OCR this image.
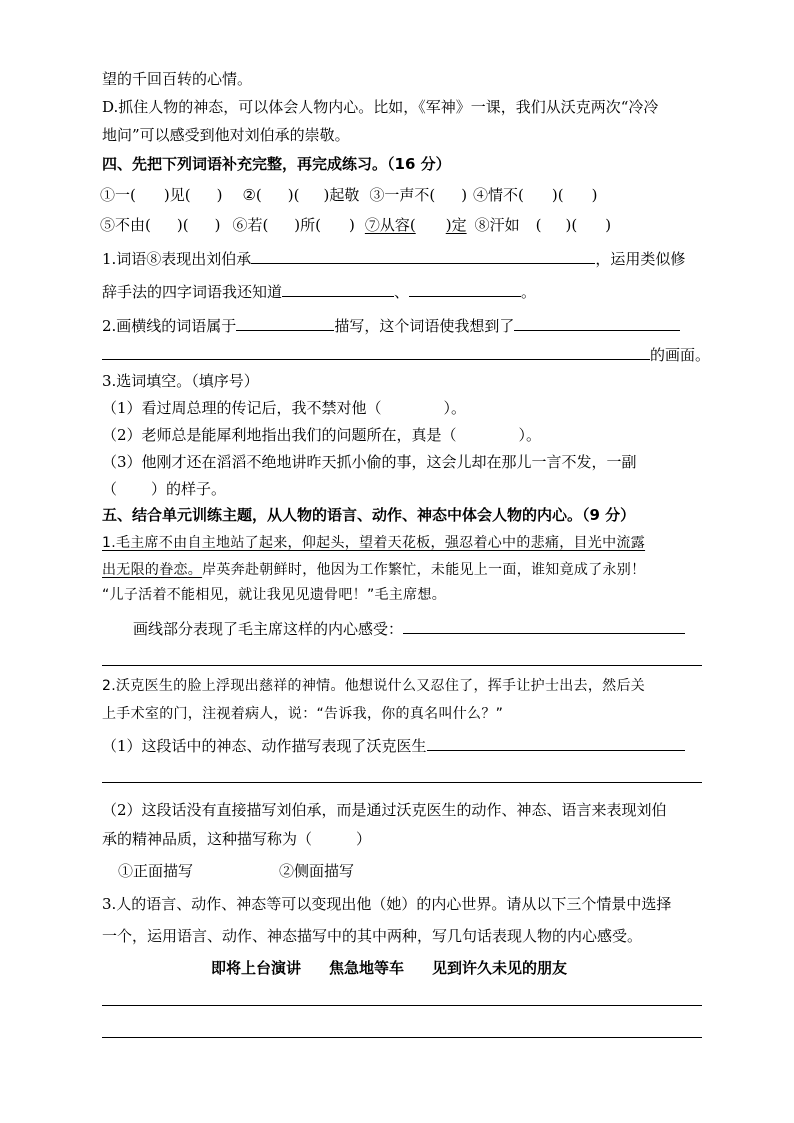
望的千回百转的心情。
D.抓住人物的神态，可以体会人物内心。比如，《军神》一课，我们从沃克两次“冷冷
地问”可以感受到他对刘伯承的崇敬。
四、先把下列词语补充完整，再完成练习。（16 分）
①一( )见( ) ②( )( )起敬 ③一声不( ) ④情不( )( )
⑤不由( )( ) ⑥若( )所( ) ⑦从容( )定 ⑧汗如 ( )( )
1.词语⑧表现出刘伯承	，运用类似修
辞手法的四字词语我还知道	、	。
2.画横线的词语属于	描写，这个词语使我想到了
的画面。
3.选词填空。（填序号）
（1）看过周总理的传记后，我不禁对他（	）。
（2）老师总是能犀利地指出我们的问题所在，真是（	）。
（3）他刚才还在滔滔不绝地讲昨天抓小偷的事，这会儿却在那儿一言不发，一副
（ ）的样子。
五、结合单元训练主题，从人物的语言、动作、神态中体会人物的内心。（9 分）
1.毛主席不由自主地站了起来，仰起头，望着天花板，强忍着心中的悲痛，目光中流露
出无限的眷恋。岸英奔赴朝鲜时，他因为工作繁忙，未能见上一面，谁知竟成了永别！
“儿子活着不能相见，就让我见见遗骨吧！”毛主席想。
画线部分表现了毛主席这样的内心感受：
2.沃克医生的脸上浮现出慈祥的神情。他想说什么又忍住了，挥手让护士出去，然后关
上手术室的门，注视着病人，说：“告诉我，你的真名叫什么？”
（1）这段话中的神态、动作描写表现了沃克医生
（2）这段话没有直接描写刘伯承，而是通过沃克医生的动作、神态、语言来表现刘伯
承的精神品质，这种描写称为（	）
①正面描写	②侧面描写
3.人的语言、动作、神态等可以变现出他（她）的内心世界。请从以下三个情景中选择
一个，运用语言、动作、神态描写中的其中两种，写几句话表现人物的内心感受。
即将上台演讲 焦急地等车 见到许久未见的朋友
